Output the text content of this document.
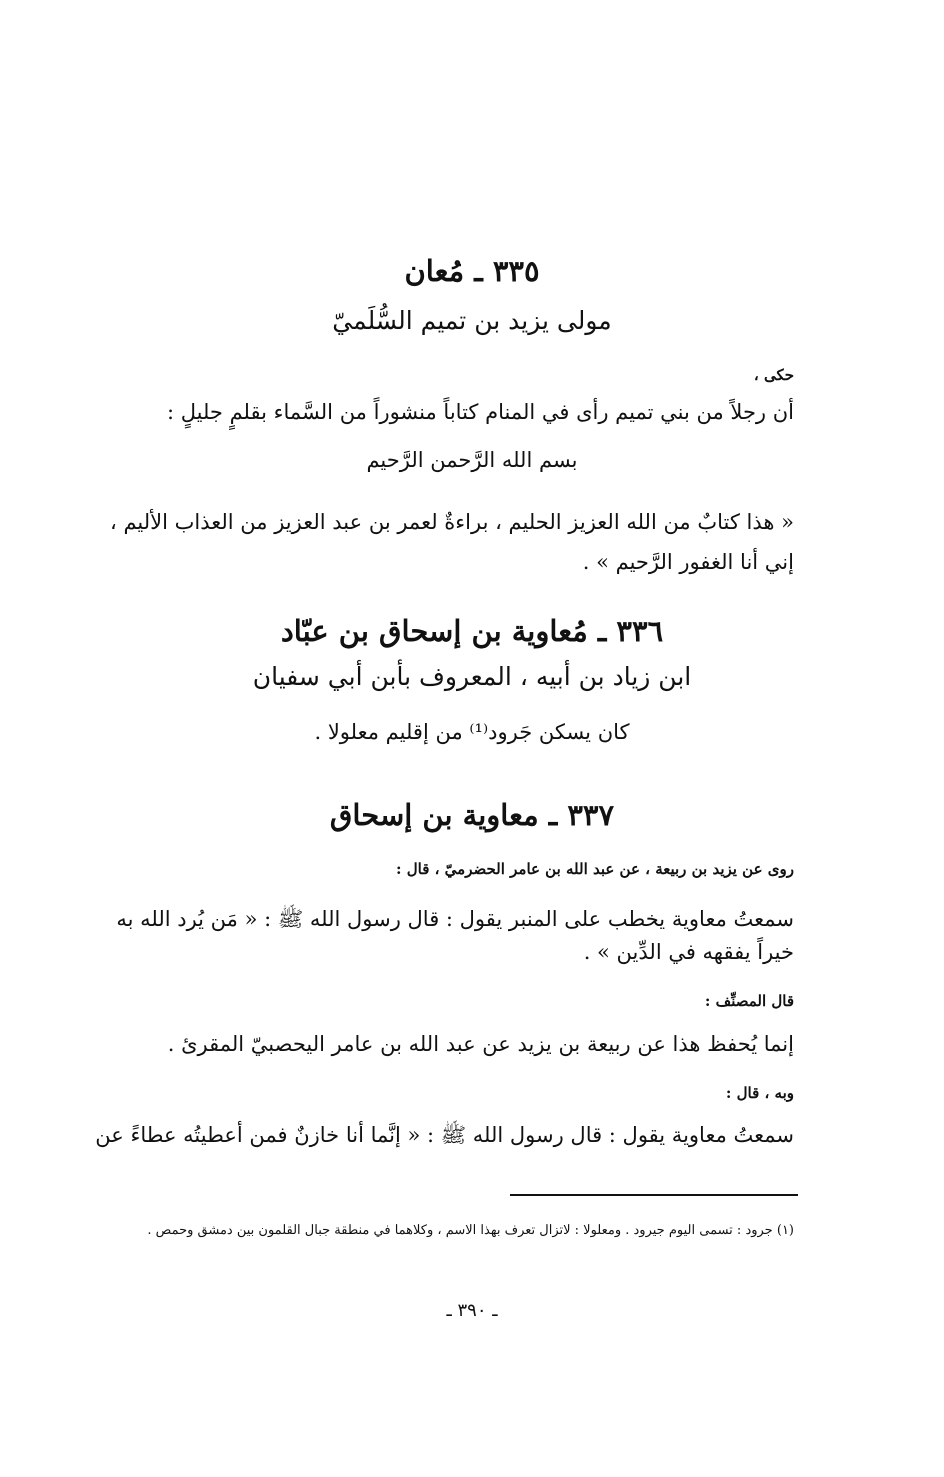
٣٣٥ ـ مُعان
مولى يزيد بن تميم السُّلَميّ
حكى ،
أن رجلاً من بني تميم رأى في المنام كتاباً منشوراً من السَّماء بقلمٍ جليلٍ :
بسم الله الرَّحمن الرَّحيم
« هذا كتابٌ من الله العزيز الحليم ، براءةٌ لعمر بن عبد العزيز من العذاب الأليم ،
إني أنا الغفور الرَّحيم » .
٣٣٦ ـ مُعاوية بن إسحاق بن عبّاد
ابن زياد بن أبيه ، المعروف بأبن أبي سفيان
كان يسكن جَرود⁽¹⁾ من إقليم معلولا .
٣٣٧ ـ معاوية بن إسحاق
روى عن يزيد بن ربيعة ، عن عبد الله بن عامر الحضرميّ ، قال :
سمعتُ معاوية يخطب على المنبر يقول : قال رسول الله ﷺ : « مَن يُرد الله به
خيراً يفقهه في الدِّين » .
قال المصنِّف :
إنما يُحفظ هذا عن ربيعة بن يزيد عن عبد الله بن عامر اليحصبيّ المقرئ .
وبه ، قال :
سمعتُ معاوية يقول : قال رسول الله ﷺ : « إنَّما أنا خازنٌ فمن أعطيتُه عطاءً عن
(١) جرود : تسمى اليوم جيرود . ومعلولا : لاتزال تعرف بهذا الاسم ، وكلاهما في منطقة جبال القلمون بين دمشق وحمص .
ـ ٣٩٠ ـ
